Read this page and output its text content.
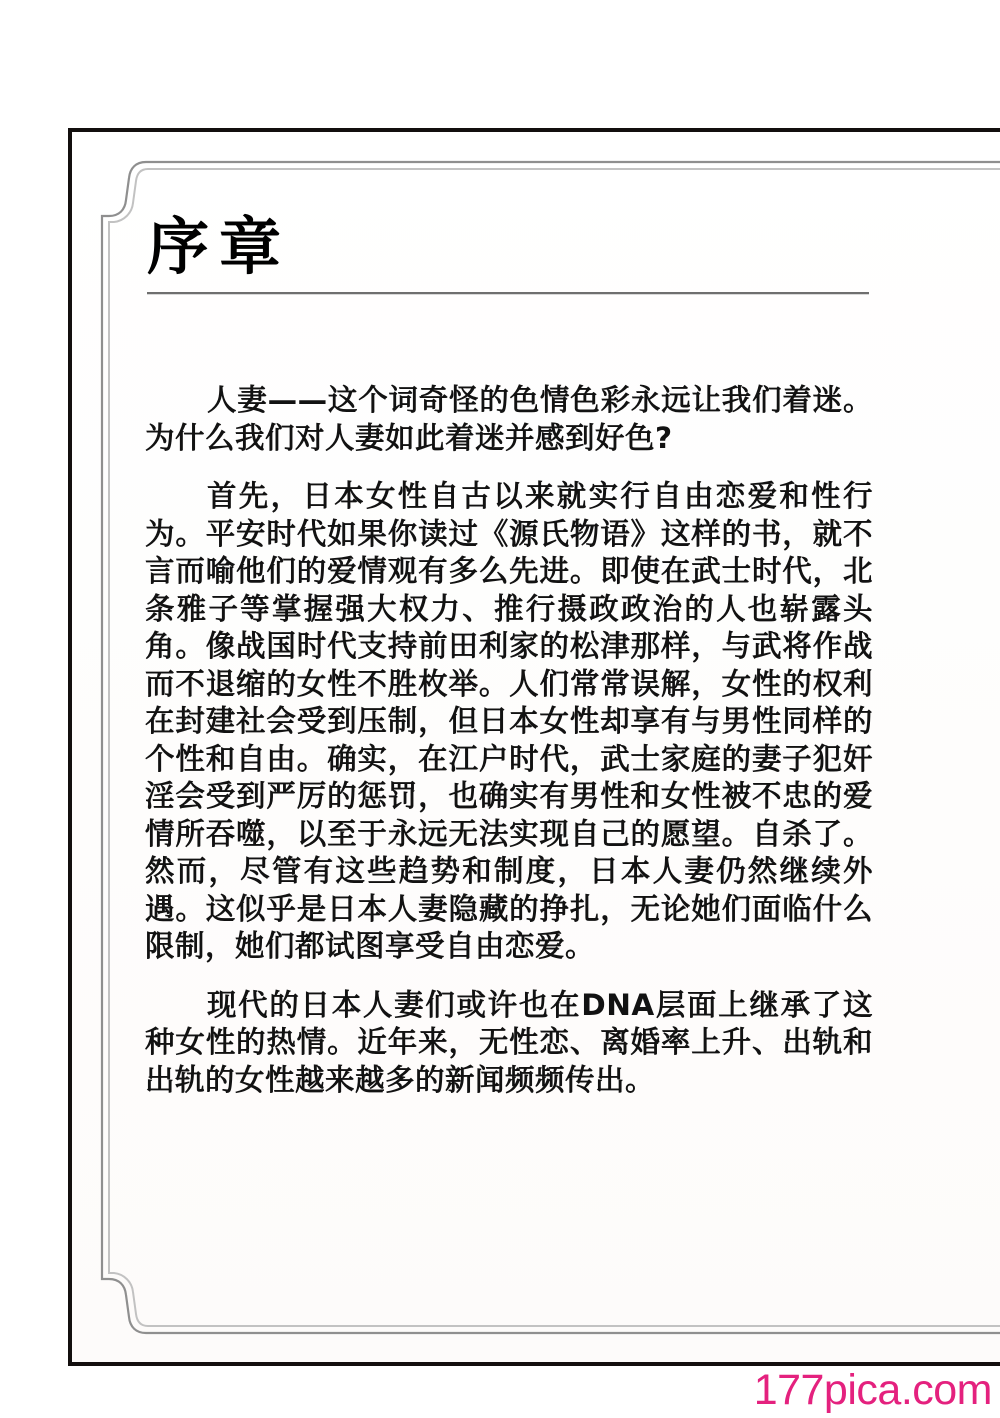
序章

人妻——这个词奇怪的色情色彩永远让我们着迷。为什么我们对人妻如此着迷并感到好色?

首先，日本女性自古以来就实行自由恋爱和性行为。平安时代如果你读过《源氏物语》这样的书，就不言而喻他们的爱情观有多么先进。即使在武士时代，北条雅子等掌握强大权力、推行摄政政治的人也崭露头角。像战国时代支持前田利家的松津那样，与武将作战而不退缩的女性不胜枚举。人们常常误解，女性的权利在封建社会受到压制，但日本女性却享有与男性同样的个性和自由。确实，在江户时代，武士家庭的妻子犯奸淫会受到严厉的惩罚，也确实有男性和女性被不忠的爱情所吞噬，以至于永远无法实现自己的愿望。自杀了。然而，尽管有这些趋势和制度，日本人妻仍然继续外遇。这似乎是日本人妻隐藏的挣扎，无论她们面临什么限制，她们都试图享受自由恋爱。

现代的日本人妻们或许也在DNA层面上继承了这种女性的热情。近年来，无性恋、离婚率上升、出轨和出轨的女性越来越多的新闻频频传出。

177pica.com
